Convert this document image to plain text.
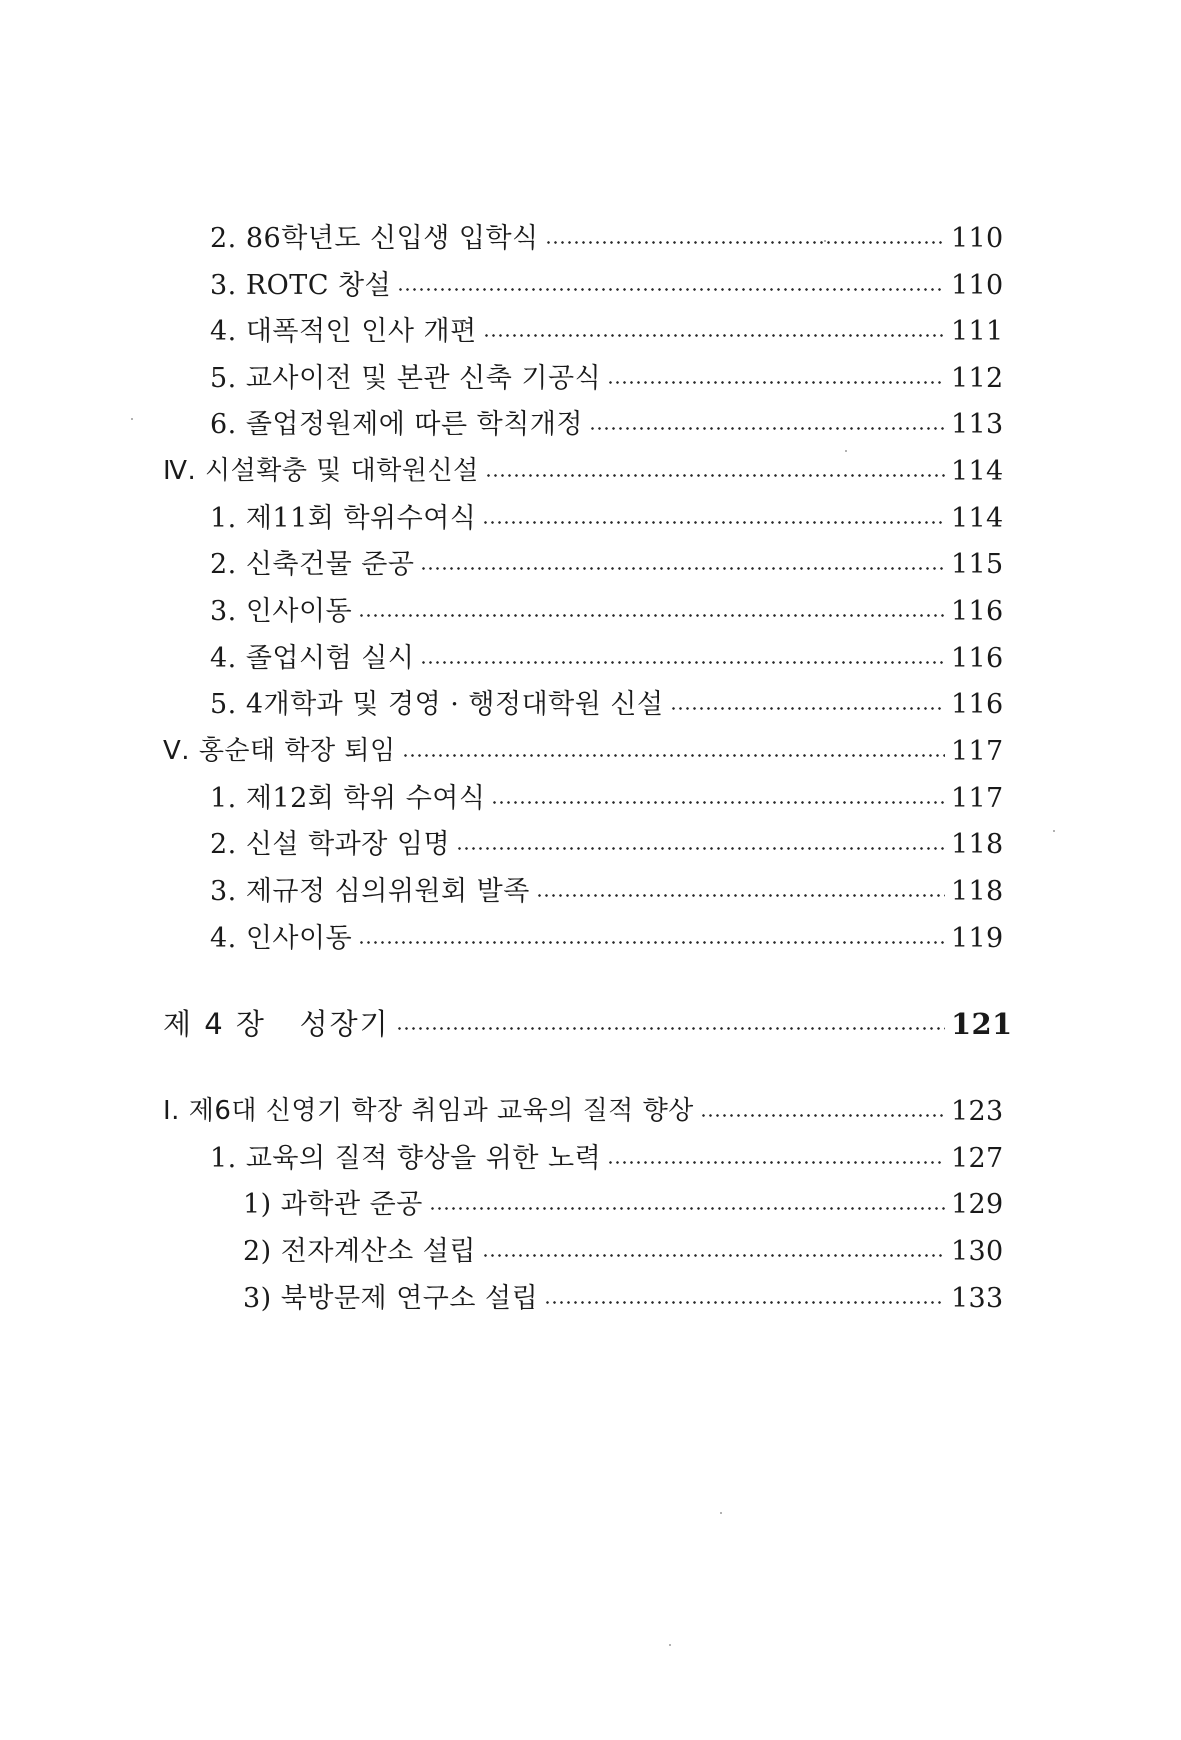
2. 86학년도 신입생 입학식	110
3. ROTC 창설	110
4. 대폭적인 인사 개편	111
5. 교사이전 및 본관 신축 기공식	112
6. 졸업정원제에 따른 학칙개정	113
Ⅳ. 시설확충 및 대학원신설	114
1. 제11회 학위수여식	114
2. 신축건물 준공	115
3. 인사이동	116
4. 졸업시험 실시	116
5. 4개학과 및 경영 · 행정대학원 신설	116
Ⅴ. 홍순태 학장 퇴임	117
1. 제12회 학위 수여식	117
2. 신설 학과장 임명	118
3. 제규정 심의위원회 발족	118
4. 인사이동	119
제 4 장   성장기	121
Ⅰ. 제6대 신영기 학장 취임과 교육의 질적 향상	123
1. 교육의 질적 향상을 위한 노력	127
1) 과학관 준공	129
2) 전자계산소 설립	130
3) 북방문제 연구소 설립	133
